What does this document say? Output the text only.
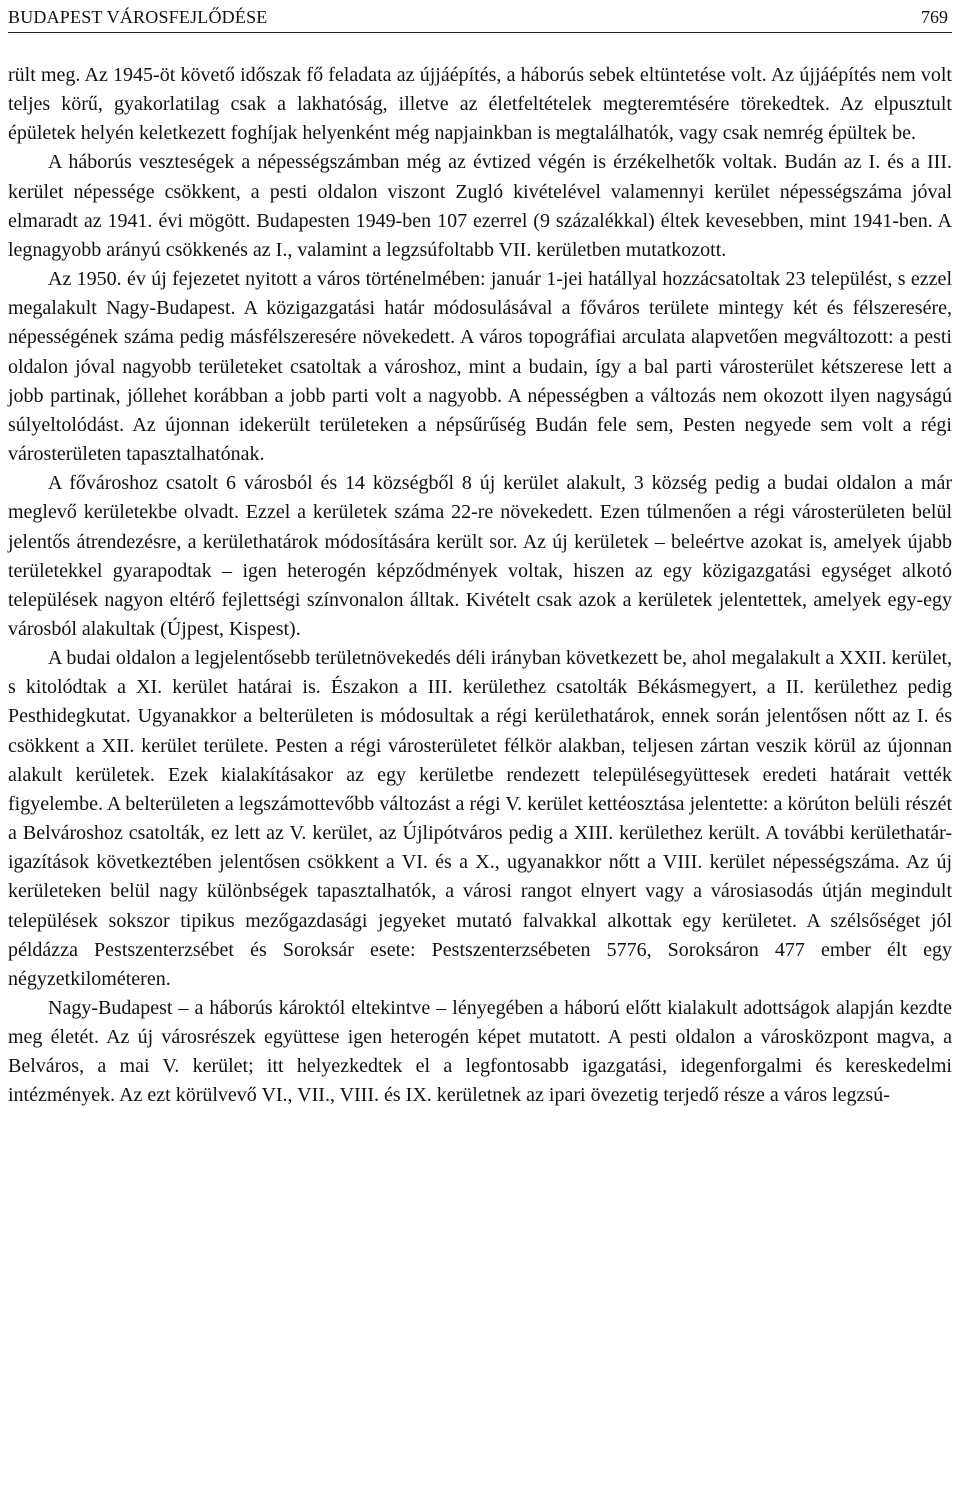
BUDAPEST VÁROSFEJLŐDÉSE	769

rült meg. Az 1945-öt követő időszak fő feladata az újjáépítés, a háborús sebek eltüntetése volt. Az újjáépítés nem volt teljes körű, gyakorlatilag csak a lakhatóság, illetve az életfeltételek megteremtésére törekedtek. Az elpusztult épületek helyén keletkezett foghíjak helyenként még napjainkban is megtalálhatók, vagy csak nemrég épültek be.

A háborús veszteségek a népességszámban még az évtized végén is érzékelhetők voltak. Budán az I. és a III. kerület népessége csökkent, a pesti oldalon viszont Zugló kivételével valamennyi kerület népességszáma jóval elmaradt az 1941. évi mögött. Budapesten 1949-ben 107 ezerrel (9 százalékkal) éltek kevesebben, mint 1941-ben. A legnagyobb arányú csökkenés az I., valamint a legzsúfoltabb VII. kerületben mutatkozott.

Az 1950. év új fejezetet nyitott a város történelmében: január 1-jei hatállyal hozzácsatoltak 23 települést, s ezzel megalakult Nagy-Budapest. A közigazgatási határ módosulásával a főváros területe mintegy két és félszeresére, népességének száma pedig másfélszeresére növekedett. A város topográfiai arculata alapvetően megváltozott: a pesti oldalon jóval nagyobb területeket csatoltak a városhoz, mint a budain, így a bal parti városterület kétszerese lett a jobb partinak, jóllehet korábban a jobb parti volt a nagyobb. A népességben a változás nem okozott ilyen nagyságú súlyeltolódást. Az újonnan idekerült területeken a népsűrűség Budán fele sem, Pesten negyede sem volt a régi városterületen tapasztalhatónak.

A fővároshoz csatolt 6 városból és 14 községből 8 új kerület alakult, 3 község pedig a budai oldalon a már meglevő kerületekbe olvadt. Ezzel a kerületek száma 22-re növekedett. Ezen túlmenően a régi városterületen belül jelentős átrendezésre, a kerülethatárok módosítására került sor. Az új kerületek – beleértve azokat is, amelyek újabb területekkel gyarapodtak – igen heterogén képződmények voltak, hiszen az egy közigazgatási egységet alkotó települések nagyon eltérő fejlettségi színvonalon álltak. Kivételt csak azok a kerületek jelentettek, amelyek egy-egy városból alakultak (Újpest, Kispest).

A budai oldalon a legjelentősebb területnövekedés déli irányban következett be, ahol megalakult a XXII. kerület, s kitolódtak a XI. kerület határai is. Északon a III. kerülethez csatolták Békásmegyert, a II. kerülethez pedig Pesthidegkutat. Ugyanakkor a belterületen is módosultak a régi kerülethatárok, ennek során jelentősen nőtt az I. és csökkent a XII. kerület területe. Pesten a régi városterületet félkör alakban, teljesen zártan veszik körül az újonnan alakult kerületek. Ezek kialakításakor az egy kerületbe rendezett településegyüttesek eredeti határait vették figyelembe. A belterületen a legszámottevőbb változást a régi V. kerület kettéosztása jelentette: a körúton belüli részét a Belvároshoz csatolták, ez lett az V. kerület, az Újlipótváros pedig a XIII. kerülethez került. A további kerülethatár-igazítások következtében jelentősen csökkent a VI. és a X., ugyanakkor nőtt a VIII. kerület népességszáma. Az új kerületeken belül nagy különbségek tapasztalhatók, a városi rangot elnyert vagy a városiasodás útján megindult települések sokszor tipikus mezőgazdasági jegyeket mutató falvakkal alkottak egy kerületet. A szélsőséget jól példázza Pestszenterzsébet és Soroksár esete: Pestszenterzsébeten 5776, Soroksáron 477 ember élt egy négyzetkilométeren.

Nagy-Budapest – a háborús károktól eltekintve – lényegében a háború előtt kialakult adottságok alapján kezdte meg életét. Az új városrészek együttese igen heterogén képet mutatott. A pesti oldalon a városközpont magva, a Belváros, a mai V. kerület; itt helyezkedtek el a legfontosabb igazgatási, idegenforgalmi és kereskedelmi intézmények. Az ezt körülvevő VI., VII., VIII. és IX. kerületnek az ipari övezetig terjedő része a város legzsú-
